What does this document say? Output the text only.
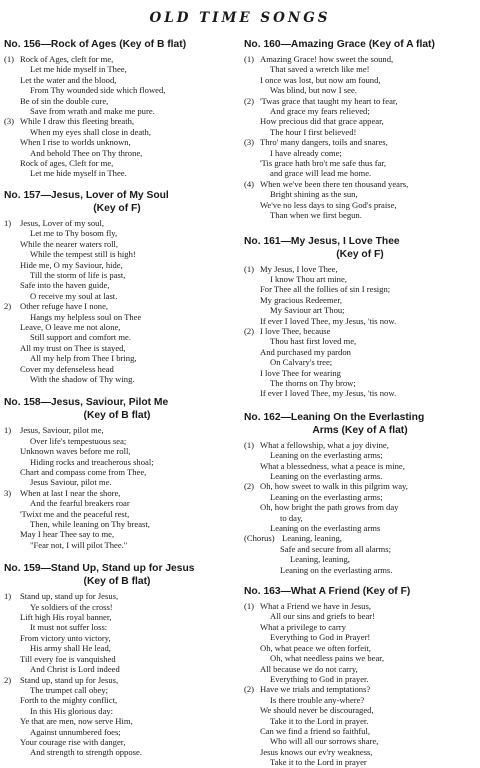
OLD TIME SONGS
No. 156—Rock of Ages (Key of B flat)
(1) Rock of Ages, cleft for me,
Let me hide myself in Thee,
Let the water and the blood,
From Thy wounded side which flowed,
Be of sin the double cure,
Save from wrath and make me pure.
(3) While I draw this fleeting breath,
When my eyes shall close in death,
When I rise to worlds unknown,
And behold Thee on Thy throne,
Rock of ages, Cleft for me,
Let me hide myself in Thee.
No. 157—Jesus, Lover of My Soul
(Key of F)
1) Jesus, Lover of my soul,
Let me to Thy bosom fly,
While the nearer waters roll,
While the tempest still is high!
Hide me, O my Saviour, hide,
Till the storm of life is past,
Safe into the haven guide,
O receive my soul at last.
2) Other refuge have I none,
Hangs my helpless soul on Thee
Leave, O leave me not alone,
Still support and comfort me.
All my trust on Thee is stayed,
All my help from Thee I bring,
Cover my defenseless head
With the shadow of Thy wing.
No. 158—Jesus, Saviour, Pilot Me
(Key of B flat)
1) Jesus, Saviour, pilot me,
Over life's tempestuous sea;
Unknown waves before me roll,
Hiding rocks and treacherous shoal;
Chart and compass come from Thee,
Jesus Saviour, pilot me.
3) When at last I near the shore,
And the fearful breakers roar
'Twixt me and the peaceful rest,
Then, while leaning on Thy breast,
May I hear Thee say to me,
"Fear not, I will pilot Thee."
No. 159—Stand Up, Stand up for Jesus
(Key of B flat)
1) Stand up, stand up for Jesus,
Ye soldiers of the cross!
Lift high His royal banner,
It must not suffer loss:
From victory unto victory,
His army shall He lead,
Till every foe is vanquished
And Christ is Lord indeed
2) Stand up, stand up for Jesus,
The trumpet call obey;
Forth to the mighty conflict,
In this His glorious day:
Ye that are men, now serve Him,
Against unnumbered foes;
Your courage rise with danger,
And strength to strength oppose.
No. 160—Amazing Grace (Key of A flat)
(1) Amazing Grace! how sweet the sound,
That saved a wretch like me!
I once was lost, but now am found,
Was blind, but now I see.
(2) 'Twas grace that taught my heart to fear,
And grace my fears relieved;
How precious did that grace appear,
The hour I first believed!
(3) Thro' many dangers, toils and snares,
I have already come;
'Tis grace hath bro't me safe thus far,
and grace will lead me home.
(4) When we've been there ten thousand years,
Bright shining as the sun,
We've no less days to sing God's praise,
Than when we first begun.
No. 161—My Jesus, I Love Thee
(Key of F)
(1) My Jesus, I love Thee,
I know Thou art mine,
For Thee all the follies of sin I resign;
My gracious Redeemer,
My Saviour art Thou;
If ever I loved Thee, my Jesus, 'tis now.
(2) I love Thee, because
Thou hast first loved me,
And purchased my pardon
On Calvary's tree;
I love Thee for wearing
The thorns on Thy brow;
If ever I loved Thee, my Jesus, 'tis now.
No. 162—Leaning On the Everlasting
Arms (Key of A flat)
(1) What a fellowship, what a joy divine,
Leaning on the everlasting arms;
What a blessedness, what a peace is mine,
Leaning on the everlasting arms.
(2) Oh, how sweet to walk in this pilgrim way,
Leaning on the everlasting arms;
Oh, how bright the path grows from day
to day,
Leaning on the everlasting arms
(Chorus) Leaning, leaning,
Safe and secure from all alarms;
Leaning, leaning,
Leaning on the everlasting arms.
No. 163—What A Friend (Key of F)
(1) What a Friend we have in Jesus,
All our sins and griefs to bear!
What a privilege to carry
Everything to God in Prayer!
Oh, what peace we often forfeit,
Oh, what needless pains we bear,
All because we do not carry,
Everything to God in prayer.
(2) Have we trials and temptations?
Is there trouble any-where?
We should never be discouraged,
Take it to the Lord in prayer.
Can we find a friend so faithful,
Who will all our sorrows share,
Jesus knows our ev'ry weakness,
Take it to the Lord in prayer
